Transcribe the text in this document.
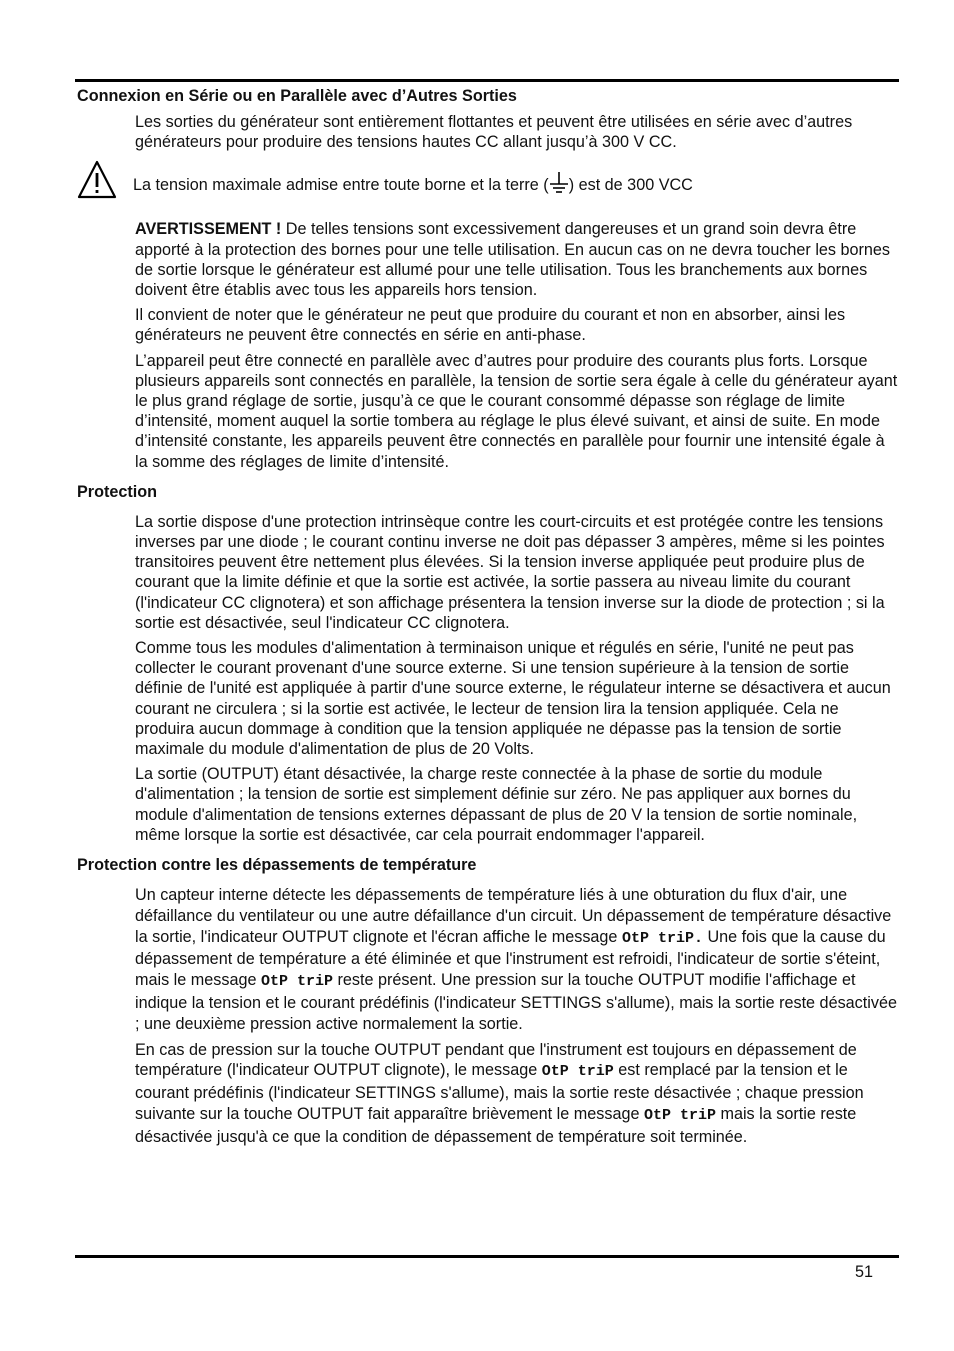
Connexion en Série ou en Parallèle avec d’Autres Sorties

Les sorties du générateur sont entièrement flottantes et peuvent être utilisées en série avec d’autres générateurs pour produire des tensions hautes CC allant jusqu’à 300 V CC.

La tension maximale admise entre toute borne et la terre ( ) est de 300 VCC

AVERTISSEMENT ! De telles tensions sont excessivement dangereuses et un grand soin devra être apporté à la protection des bornes pour une telle utilisation. En aucun cas on ne devra toucher les bornes de sortie lorsque le générateur est allumé pour une telle utilisation. Tous les branchements aux bornes doivent être établis avec tous les appareils hors tension.

Il convient de noter que le générateur ne peut que produire du courant et non en absorber, ainsi les générateurs ne peuvent être connectés en série en anti-phase.

L’appareil peut être connecté en parallèle avec d’autres pour produire des courants plus forts. Lorsque plusieurs appareils sont connectés en parallèle, la tension de sortie sera égale à celle du générateur ayant le plus grand réglage de sortie, jusqu’à ce que le courant consommé dépasse son réglage de limite d’intensité, moment auquel la sortie tombera au réglage le plus élevé suivant, et ainsi de suite. En mode d’intensité constante, les appareils peuvent être connectés en parallèle pour fournir une intensité égale à la somme des réglages de limite d’intensité.

Protection

La sortie dispose d'une protection intrinsèque contre les court-circuits et est protégée contre les tensions inverses par une diode ; le courant continu inverse ne doit pas dépasser 3 ampères, même si les pointes transitoires peuvent être nettement plus élevées. Si la tension inverse appliquée peut produire plus de courant que la limite définie et que la sortie est activée, la sortie passera au niveau limite du courant (l'indicateur CC clignotera) et son affichage présentera la tension inverse sur la diode de protection ; si la sortie est désactivée, seul l'indicateur CC clignotera.

Comme tous les modules d'alimentation à terminaison unique et régulés en série, l'unité ne peut pas collecter le courant provenant d'une source externe. Si une tension supérieure à la tension de sortie définie de l'unité est appliquée à partir d'une source externe, le régulateur interne se désactivera et aucun courant ne circulera ; si la sortie est activée, le lecteur de tension lira la tension appliquée. Cela ne produira aucun dommage à condition que la tension appliquée ne dépasse pas la tension de sortie maximale du module d'alimentation de plus de 20 Volts.

La sortie (OUTPUT) étant désactivée, la charge reste connectée à la phase de sortie du module d'alimentation ; la tension de sortie est simplement définie sur zéro. Ne pas appliquer aux bornes du module d'alimentation de tensions externes dépassant de plus de 20 V la tension de sortie nominale, même lorsque la sortie est désactivée, car cela pourrait endommager l'appareil.

Protection contre les dépassements de température

Un capteur interne détecte les dépassements de température liés à une obturation du flux d'air, une défaillance du ventilateur ou une autre défaillance d'un circuit. Un dépassement de température désactive la sortie, l'indicateur OUTPUT clignote et l'écran affiche le message OtP triP. Une fois que la cause du dépassement de température a été éliminée et que l'instrument est refroidi, l'indicateur de sortie s'éteint, mais le message OtP triP reste présent. Une pression sur la touche OUTPUT modifie l'affichage et indique la tension et le courant prédéfinis (l'indicateur SETTINGS s'allume), mais la sortie reste désactivée ; une deuxième pression active normalement la sortie.

En cas de pression sur la touche OUTPUT pendant que l'instrument est toujours en dépassement de température (l'indicateur OUTPUT clignote), le message OtP triP est remplacé par la tension et le courant prédéfinis (l'indicateur SETTINGS s'allume), mais la sortie reste désactivée ; chaque pression suivante sur la touche OUTPUT fait apparaître brièvement le message OtP triP mais la sortie reste désactivée jusqu'à ce que la condition de dépassement de température soit terminée.

51
